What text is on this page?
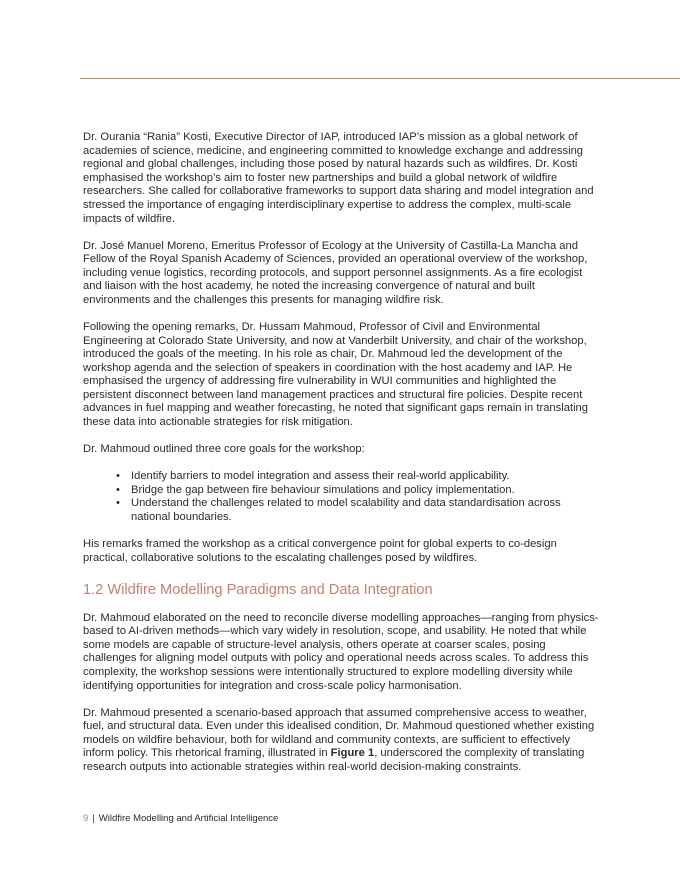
Dr. Ourania “Rania” Kosti, Executive Director of IAP, introduced IAP’s mission as a global network of academies of science, medicine, and engineering committed to knowledge exchange and addressing regional and global challenges, including those posed by natural hazards such as wildfires. Dr. Kosti emphasised the workshop’s aim to foster new partnerships and build a global network of wildfire researchers. She called for collaborative frameworks to support data sharing and model integration and stressed the importance of engaging interdisciplinary expertise to address the complex, multi-scale impacts of wildfire.

Dr. José Manuel Moreno, Emeritus Professor of Ecology at the University of Castilla-La Mancha and Fellow of the Royal Spanish Academy of Sciences, provided an operational overview of the workshop, including venue logistics, recording protocols, and support personnel assignments. As a fire ecologist and liaison with the host academy, he noted the increasing convergence of natural and built environments and the challenges this presents for managing wildfire risk.

Following the opening remarks, Dr. Hussam Mahmoud, Professor of Civil and Environmental Engineering at Colorado State University, and now at Vanderbilt University, and chair of the workshop, introduced the goals of the meeting. In his role as chair, Dr. Mahmoud led the development of the workshop agenda and the selection of speakers in coordination with the host academy and IAP. He emphasised the urgency of addressing fire vulnerability in WUI communities and highlighted the persistent disconnect between land management practices and structural fire policies. Despite recent advances in fuel mapping and weather forecasting, he noted that significant gaps remain in translating these data into actionable strategies for risk mitigation.

Dr. Mahmoud outlined three core goals for the workshop:

• Identify barriers to model integration and assess their real-world applicability.
• Bridge the gap between fire behaviour simulations and policy implementation.
• Understand the challenges related to model scalability and data standardisation across national boundaries.

His remarks framed the workshop as a critical convergence point for global experts to co-design practical, collaborative solutions to the escalating challenges posed by wildfires.

1.2 Wildfire Modelling Paradigms and Data Integration

Dr. Mahmoud elaborated on the need to reconcile diverse modelling approaches—ranging from physics-based to AI-driven methods—which vary widely in resolution, scope, and usability. He noted that while some models are capable of structure-level analysis, others operate at coarser scales, posing challenges for aligning model outputs with policy and operational needs across scales. To address this complexity, the workshop sessions were intentionally structured to explore modelling diversity while identifying opportunities for integration and cross-scale policy harmonisation.

Dr. Mahmoud presented a scenario-based approach that assumed comprehensive access to weather, fuel, and structural data. Even under this idealised condition, Dr. Mahmoud questioned whether existing models on wildfire behaviour, both for wildland and community contexts, are sufficient to effectively inform policy. This rhetorical framing, illustrated in Figure 1, underscored the complexity of translating research outputs into actionable strategies within real-world decision-making constraints.

9 | Wildfire Modelling and Artificial Intelligence
